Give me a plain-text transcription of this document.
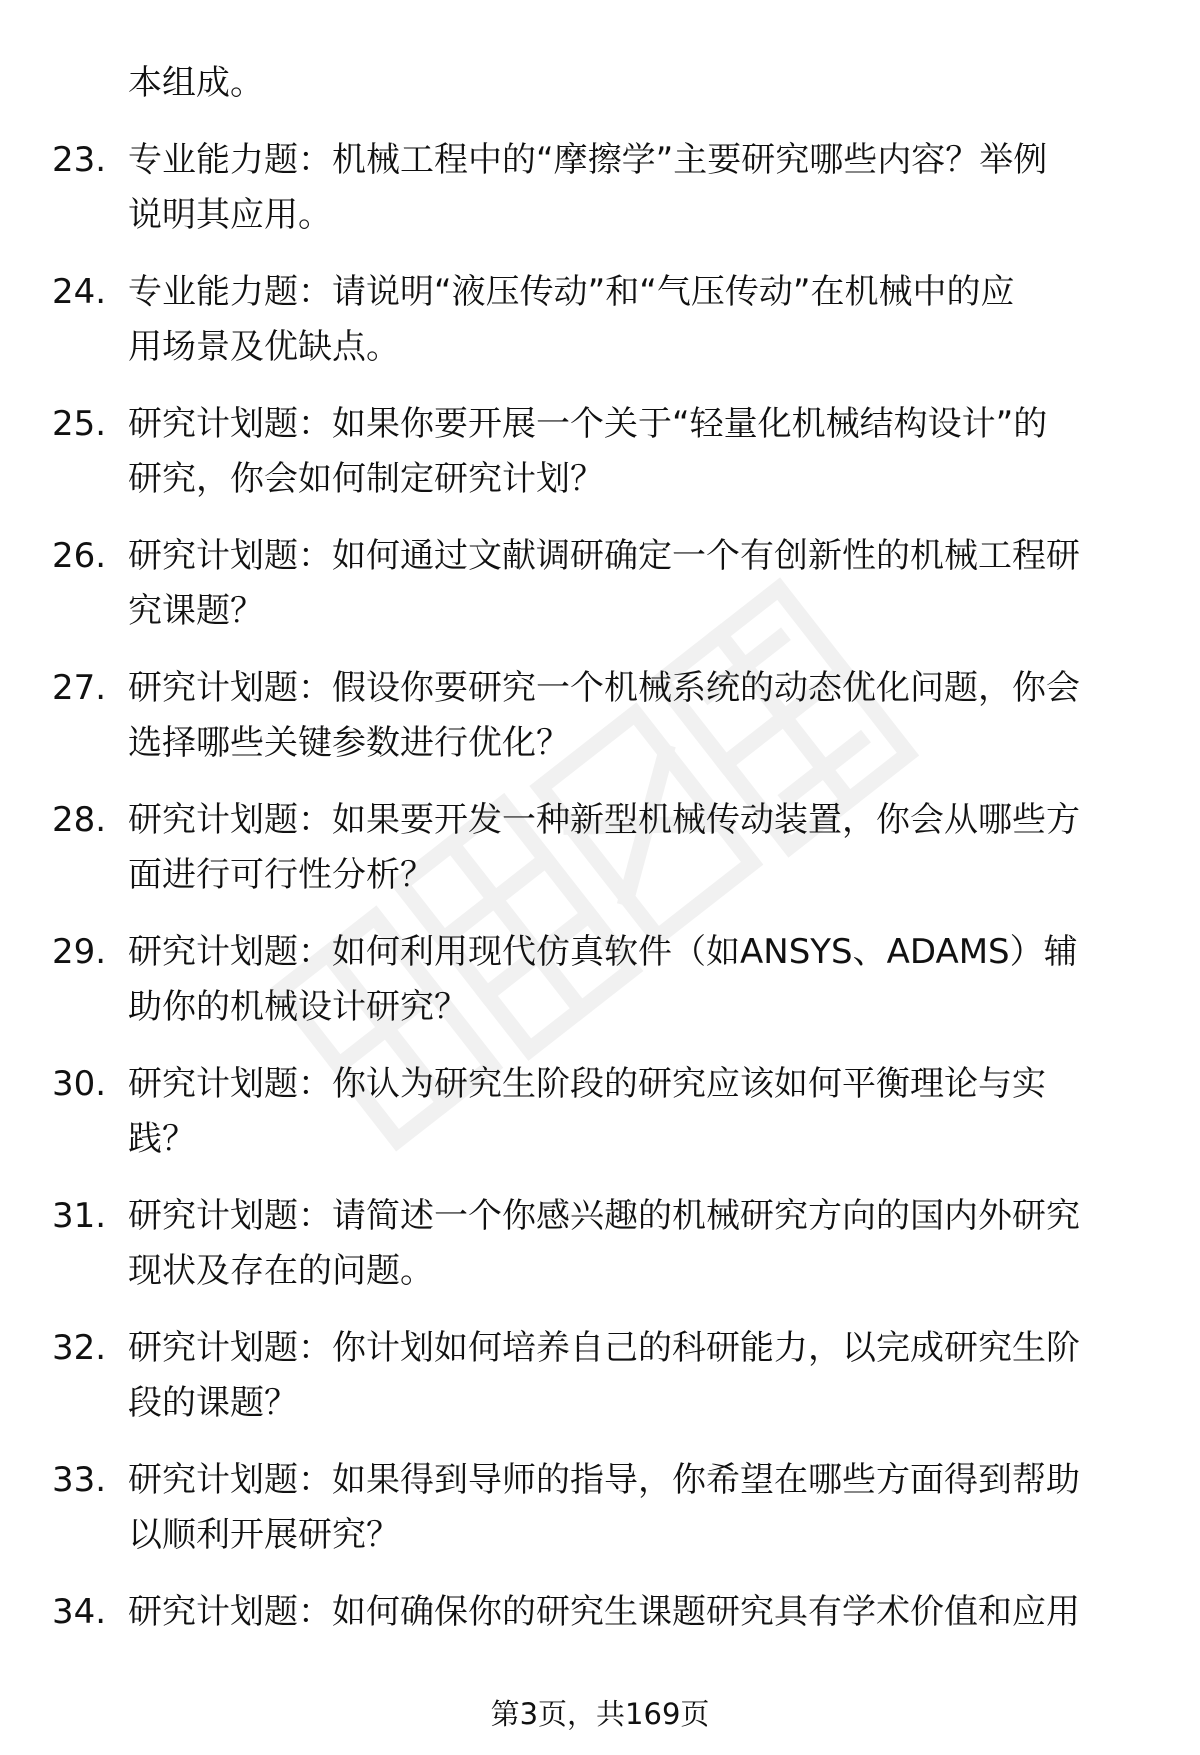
本组成。
23. 专业能力题：机械工程中的“摩擦学”主要研究哪些内容？举例
说明其应用。
24. 专业能力题：请说明“液压传动”和“气压传动”在机械中的应
用场景及优缺点。
25. 研究计划题：如果你要开展一个关于“轻量化机械结构设计”的
研究，你会如何制定研究计划？
26. 研究计划题：如何通过文献调研确定一个有创新性的机械工程研
究课题？
27. 研究计划题：假设你要研究一个机械系统的动态优化问题，你会
选择哪些关键参数进行优化？
28. 研究计划题：如果要开发一种新型机械传动装置，你会从哪些方
面进行可行性分析？
29. 研究计划题：如何利用现代仿真软件（如ANSYS、ADAMS）辅
助你的机械设计研究？
30. 研究计划题：你认为研究生阶段的研究应该如何平衡理论与实
践？
31. 研究计划题：请简述一个你感兴趣的机械研究方向的国内外研究
现状及存在的问题。
32. 研究计划题：你计划如何培养自己的科研能力，以完成研究生阶
段的课题？
33. 研究计划题：如果得到导师的指导，你希望在哪些方面得到帮助
以顺利开展研究？
34. 研究计划题：如何确保你的研究生课题研究具有学术价值和应用
第3页，共169页
